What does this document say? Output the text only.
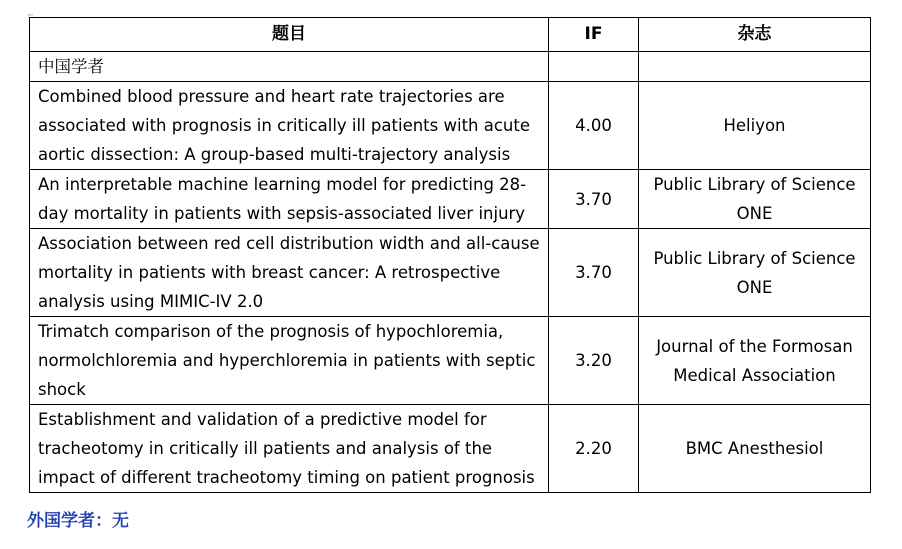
⌐
题目	IF	杂志
中国学者		
Combined blood pressure and heart rate trajectories are associated with prognosis in critically ill patients with acute aortic dissection: A group-based multi-trajectory analysis	4.00	Heliyon
An interpretable machine learning model for predicting 28-day mortality in patients with sepsis-associated liver injury	3.70	Public Library of Science ONE
Association between red cell distribution width and all-cause mortality in patients with breast cancer: A retrospective analysis using MIMIC-IV 2.0	3.70	Public Library of Science ONE
Trimatch comparison of the prognosis of hypochloremia, normolchloremia and hyperchloremia in patients with septic shock	3.20	Journal of the Formosan Medical Association
Establishment and validation of a predictive model for tracheotomy in critically ill patients and analysis of the impact of different tracheotomy timing on patient prognosis	2.20	BMC Anesthesiol
外国学者：无
